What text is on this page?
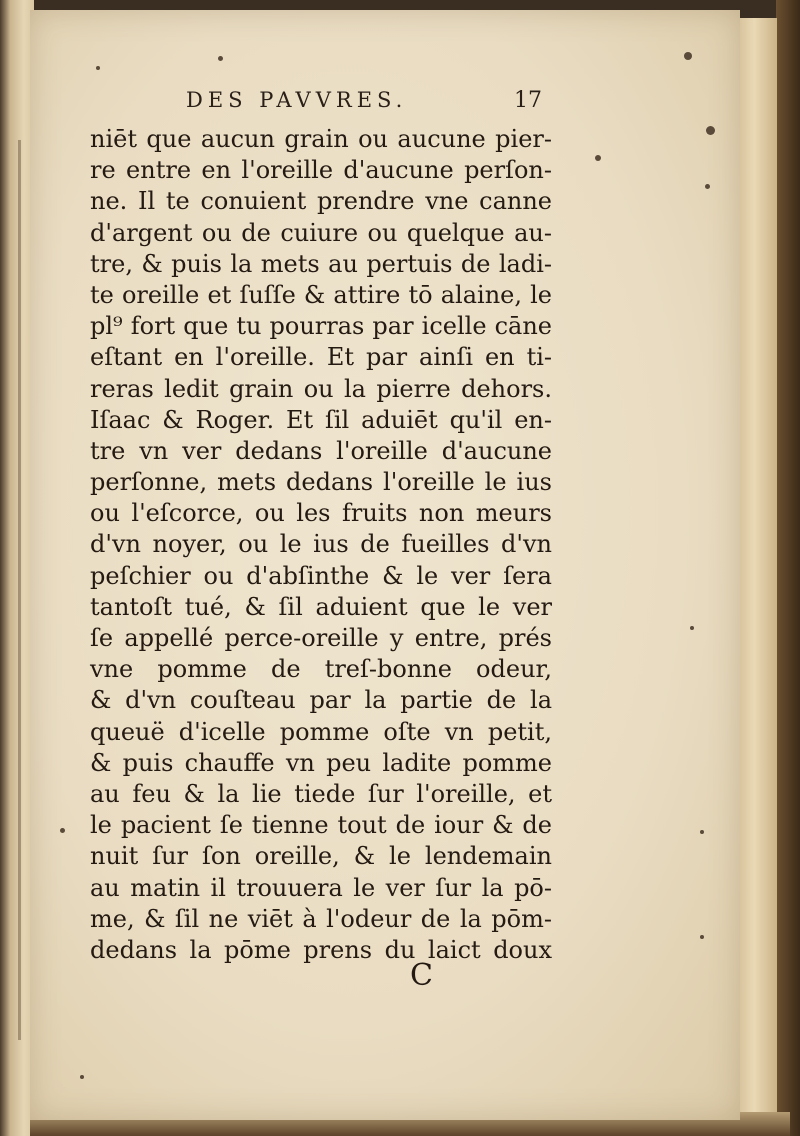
DES PAVVRES.	17
niēt que aucun grain ou aucune pier-
re entre en l'oreille d'aucune perſon-
ne. Il te conuient prendre vne canne
d'argent ou de cuiure ou quelque au-
tre, & puis la mets au pertuis de ladi-
te oreille et ſuſſe & attire tō alaine, le
pl⁹ fort que tu pourras par icelle cāne
eſtant en l'oreille. Et par ainſi en ti-
reras ledit grain ou la pierre dehors.
Iſaac & Roger. Et ſil aduiēt qu'il en-
tre vn ver dedans l'oreille d'aucune
perſonne, mets dedans l'oreille le ius
ou l'eſcorce, ou les fruits non meurs
d'vn noyer, ou le ius de fueilles d'vn
peſchier ou d'abſinthe & le ver ſera
tantoſt tué, & ſil aduient que le ver
ſe appellé perce-oreille y entre, prés
vne pomme de treſ-bonne odeur,
& d'vn couſteau par la partie de la
queuë d'icelle pomme oſte vn petit,
& puis chauffe vn peu ladite pomme
au feu & la lie tiede ſur l'oreille, et
le pacient ſe tienne tout de iour & de
nuit ſur ſon oreille, & le lendemain
au matin il trouuera le ver ſur la pō-
me, & ſil ne viēt à l'odeur de la pōm-
dedans la pōme prens du laict doux
C
